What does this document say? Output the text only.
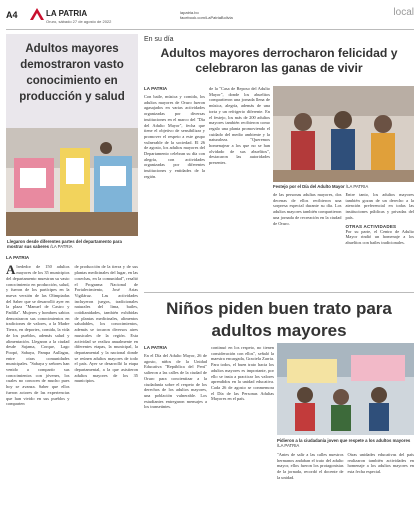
A4	LA PATRIA
Oruro, sábado 27 de agosto de 2022
lapatria.bo
facebook.com/LaPatriaBolivia	local
Adultos mayores demostraron vasto conocimiento en producción y salud
Llegaron desde diferentes partes del departamento para mostrar sus saberes /LA PATRIA
LA PATRIA
Alrededor de 150 adultos mayores de los 35 municipios del departamento muestran su vasto conocimiento en producción, salud, y fueron de los partícipes en la nueva versión de las Olimpiadas del Saber que se desarrolló ayer en la plaza "Manuel de Castro y Padilla". Mujeres y hombres sabios demostraron sus conocimientos en tradiciones de valores, a la Madre Tierra, en deportes, comida, la vida de los pueblos, además salud y alimentación. Llegaron a la ciudad desde Sajama, Corque, Lago Poopó, Sabaya, Pampa Aullagas, entre otras comunidades municipales. "Sabaya y señores han venido a compartir sus conocimientos con jóvenes, los cuales no conocen de mucho pues hoy se avanza. Saber que ellos fueron actores de las experiencias que han vivido en sus pueblos y comparten
de producción de la tierra y de sus plantas medicinales del lugar, en las cosechas, en la comunidad", resaltó el Programa Nacional de Fortalecimiento, José Arias Vigiláruz. Las actividades incluyeron juegos, tradicionales naturales del lima, bailes, cotidianidades, también exhibidas de plantas medicinales, alimentos saludables, los conocimientos, además se tocaron diversos aires musicales de la región. Esta actividad se realiza anualmente en diferentes etapas, la municipal, la departamental y la nacional donde se reúnen adultos mayores de todo el país. Ayer se desarrolló la etapa departamental, a la que asistieron adultos mayores de los 35 municipios.
En su día
Adultos mayores derrocharon felicidad y celebraron las ganas de vivir
LA PATRIA
Con baile, música y comida, los adultos mayores de Oruro fueron agasajados en varias actividades organizadas por diversas instituciones en el marco del "Día del Adulto Mayor", fecha que tiene el objetivo de sensibilizar y promover el respeto a este grupo vulnerable de la sociedad. El 26 de agosto, los adultos mayores del Departamento celebran su día con alegría, con actividades organizadas por diferentes instituciones y entidades de la región.
de la "Casa de Reposo del Adulto Mayor", donde los abuelitos compartieron una jornada llena de música, alegría, además de una torta y un refrigerio diferente. En el festejo, los más de 200 adultos mayores también recibieron como regalo una planta promoviendo el cuidado del medio ambiente y la naturaleza. "Queremos homenajear a los que no se han olvidado de sus abuelitos", destacaron las autoridades presentes.
Festejo por el Día del Adulto Mayor /LA PATRIA
de las personas adultas mayores, dos decenas de ellos recibieron una sorpresa especial durante su día. Los adultos mayores también compartieron una jornada de recreación en la ciudad de Oruro.
Entre tanto, los adultos mayores también gozan de un derecho a la atención preferencial en todas las instituciones públicas y privadas del país.
OTRAS ACTIVIDADES
Por su parte, el Centro de Adulto Mayor rindió un homenaje a los abuelitos con bailes tradicionales.
Niños piden buen trato para adultos mayores
LA PATRIA
En el Día del Adulto Mayor, 26 de agosto, niños de la Unidad Educativa "República del Perú" salieron a las calles de la ciudad de Oruro para concientizar a la ciudadanía sobre el respeto de los derechos de los adultos mayores, una población vulnerable. Los estudiantes entregaron mensajes a los transeúntes.
continuó en los respeto, no tienen consideración con ellos", señaló la maestra encargada, Graciela Zarria. Para todos, el buen trato hacia los adultos mayores es importante, por ello se insta a practicar los valores aprendidos en la unidad educativa. Cada 26 de agosto se conmemora el Día de las Personas Adultas Mayores en el país.
Pidieron a la ciudadanía joven que respete a los adultos mayores /LA PATRIA
"Antes de salir a las calles nuestros hermanos andaban el trato del adulto mayor, ellos fueron los protagonistas de la jornada, recordó el docente de la unidad.
Otras unidades educativas del país realizaron también actividades en homenaje a los adultos mayores en esta fecha especial.
